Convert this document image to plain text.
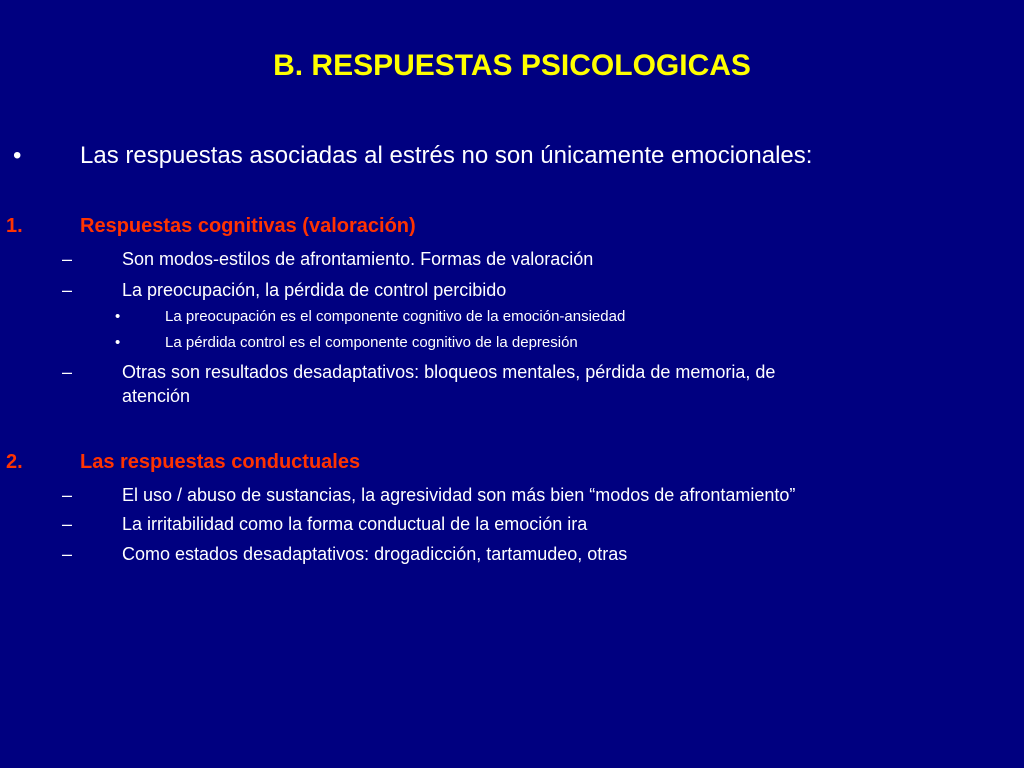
B. RESPUESTAS PSICOLOGICAS
• Las respuestas asociadas al estrés no son únicamente emocionales:
1.	Respuestas cognitivas (valoración)
–	Son modos-estilos de afrontamiento. Formas de valoración
–	La preocupación, la pérdida de control percibido
•	La preocupación es el componente cognitivo de la emoción-ansiedad
•	La pérdida control es el componente cognitivo de la depresión
–	Otras son resultados desadaptativos: bloqueos mentales, pérdida de memoria, de
atención
2.	Las respuestas conductuales
–	El uso / abuso de sustancias, la agresividad son más bien “modos de afrontamiento”
–	La irritabilidad como la forma conductual de la emoción ira
–	Como estados desadaptativos: drogadicción, tartamudeo, otras
